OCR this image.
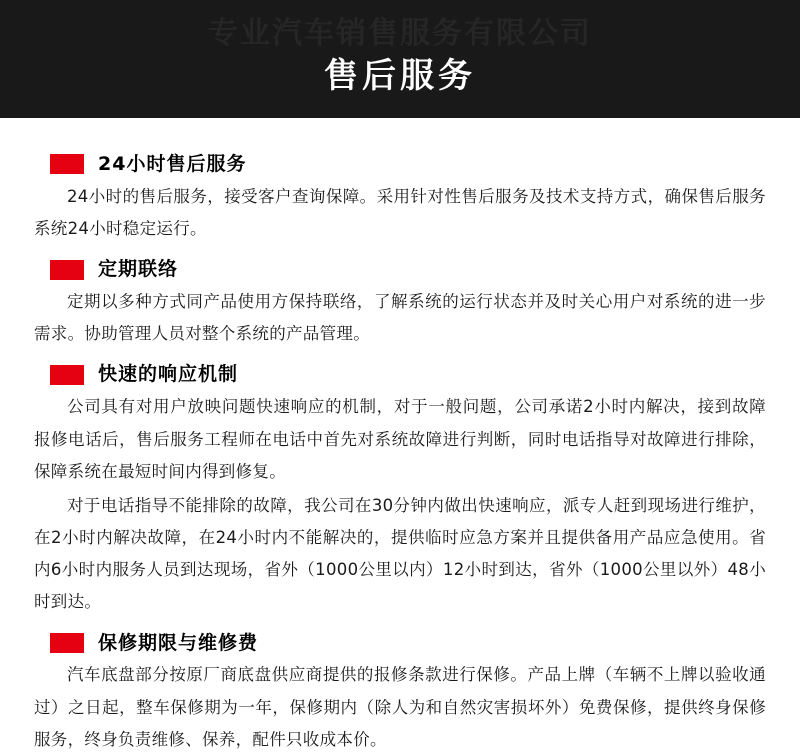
专业汽车销售服务有限公司
售后服务
24小时售后服务

24小时的售后服务，接受客户查询保障。采用针对性售后服务及技术支持方式，确保售后服务系统24小时稳定运行。

定期联络

定期以多种方式同产品使用方保持联络，了解系统的运行状态并及时关心用户对系统的进一步需求。协助管理人员对整个系统的产品管理。

快速的响应机制

公司具有对用户放映问题快速响应的机制，对于一般问题，公司承诺2小时内解决，接到故障报修电话后，售后服务工程师在电话中首先对系统故障进行判断，同时电话指导对故障进行排除，保障系统在最短时间内得到修复。

对于电话指导不能排除的故障，我公司在30分钟内做出快速响应，派专人赶到现场进行维护，在2小时内解决故障，在24小时内不能解决的，提供临时应急方案并且提供备用产品应急使用。省内6小时内服务人员到达现场，省外（1000公里以内）12小时到达，省外（1000公里以外）48小时到达。

保修期限与维修费

汽车底盘部分按原厂商底盘供应商提供的报修条款进行保修。产品上牌（车辆不上牌以验收通过）之日起，整车保修期为一年，保修期内（除人为和自然灾害损坏外）免费保修，提供终身保修服务，终身负责维修、保养，配件只收成本价。
